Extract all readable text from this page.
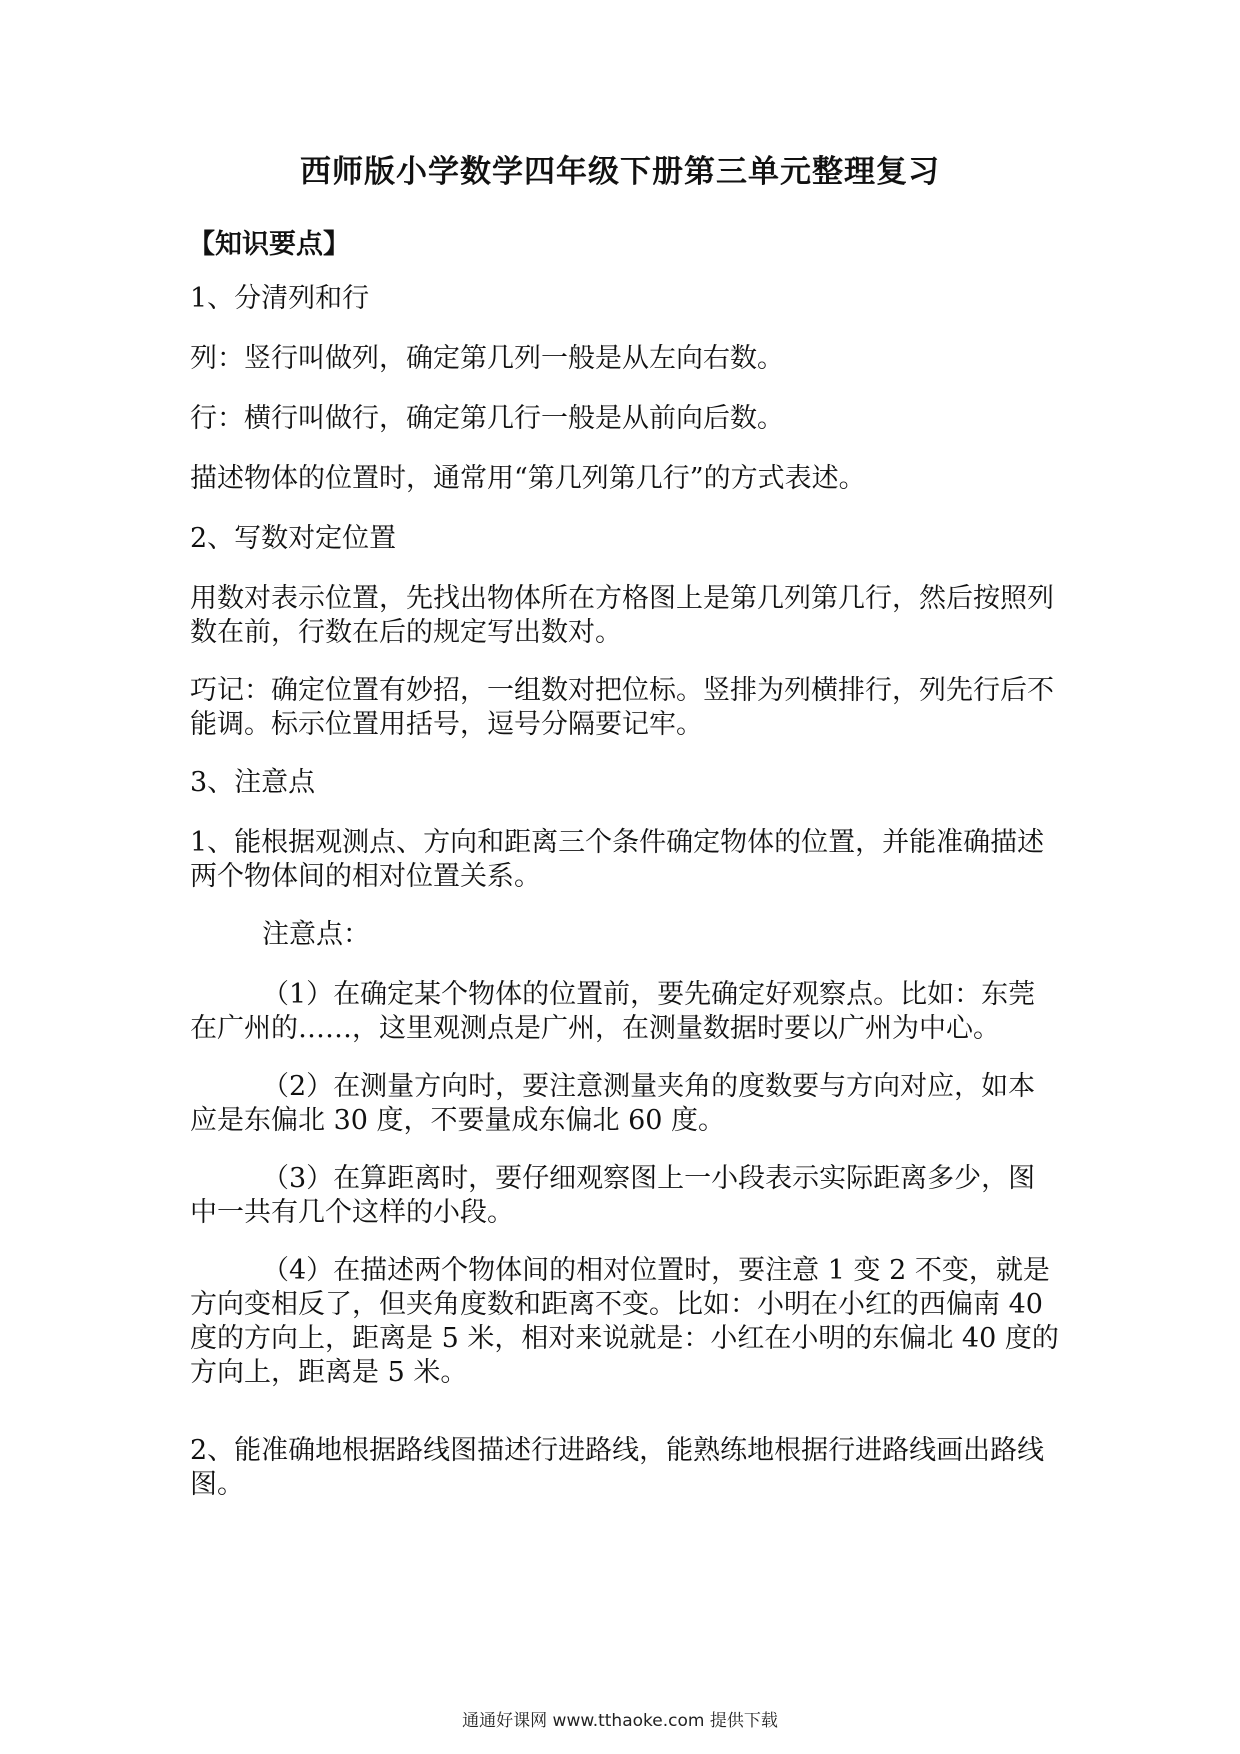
西师版小学数学四年级下册第三单元整理复习
【知识要点】

1、分清列和行

列：竖行叫做列，确定第几列一般是从左向右数。

行：横行叫做行，确定第几行一般是从前向后数。

描述物体的位置时，通常用“第几列第几行”的方式表述。

2、写数对定位置

用数对表示位置，先找出物体所在方格图上是第几列第几行，然后按照列数在前，行数在后的规定写出数对。

巧记：确定位置有妙招，一组数对把位标。竖排为列横排行，列先行后不能调。标示位置用括号，逗号分隔要记牢。

3、注意点

1、能根据观测点、方向和距离三个条件确定物体的位置，并能准确描述两个物体间的相对位置关系。

注意点：

（1）在确定某个物体的位置前，要先确定好观察点。比如：东莞在广州的……，这里观测点是广州，在测量数据时要以广州为中心。

（2）在测量方向时，要注意测量夹角的度数要与方向对应，如本应是东偏北 30 度，不要量成东偏北 60 度。

（3）在算距离时，要仔细观察图上一小段表示实际距离多少，图中一共有几个这样的小段。

（4）在描述两个物体间的相对位置时，要注意 1 变 2 不变，就是方向变相反了，但夹角度数和距离不变。比如：小明在小红的西偏南 40 度的方向上，距离是 5 米，相对来说就是：小红在小明的东偏北 40 度的方向上，距离是 5 米。

2、能准确地根据路线图描述行进路线，能熟练地根据行进路线画出路线图。

通通好课网 www.tthaoke.com 提供下载
